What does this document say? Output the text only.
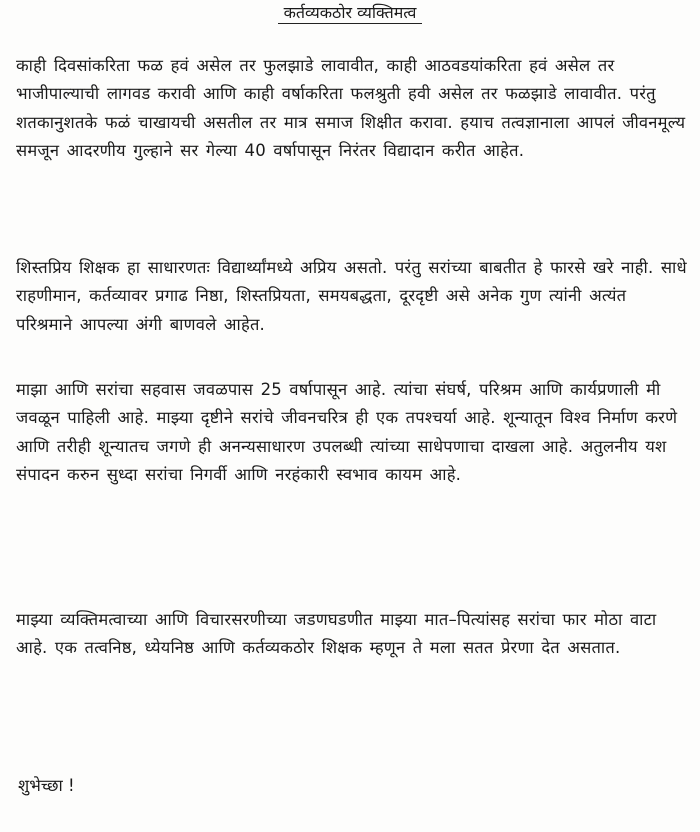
कर्तव्यकठोर व्यक्तिमत्व

काही दिवसांकरिता फळ हवं असेल तर फुलझाडे लावावीत, काही आठवडयांकरिता हवं असेल तर भाजीपाल्याची लागवड करावी आणि काही वर्षाकरिता फलश्रुती हवी असेल तर फळझाडे लावावीत. परंतु शतकानुशतके फळं चाखायची असतील तर मात्र समाज शिक्षीत करावा. हयाच तत्वज्ञानाला आपलं जीवनमूल्य समजून आदरणीय गुल्हाने सर गेल्या 40 वर्षापासून निरंतर विद्यादान करीत आहेत.

शिस्तप्रिय शिक्षक हा साधारणतः विद्यार्थ्यांमध्ये अप्रिय असतो. परंतु सरांच्या बाबतीत हे फारसे खरे नाही. साधे राहणीमान, कर्तव्यावर प्रगाढ निष्ठा, शिस्तप्रियता, समयबद्धता, दूरदृष्टी असे अनेक गुण त्यांनी अत्यंत परिश्रमाने आपल्या अंगी बाणवले आहेत.

माझा आणि सरांचा सहवास जवळपास 25 वर्षापासून आहे. त्यांचा संघर्ष, परिश्रम आणि कार्यप्रणाली मी जवळून पाहिली आहे. माझ्या दृष्टीने सरांचे जीवनचरित्र ही एक तपश्चर्या आहे. शून्यातून विश्व निर्माण करणे आणि तरीही शून्यातच जगणे ही अनन्यसाधारण उपलब्धी त्यांच्या साधेपणाचा दाखला आहे. अतुलनीय यश संपादन करुन सुध्दा सरांचा निगर्वी आणि नरहंकारी स्वभाव कायम आहे.

माझ्या व्यक्तिमत्वाच्या आणि विचारसरणीच्या जडणघडणीत माझ्या मात–पित्यांसह सरांचा फार मोठा वाटा आहे. एक तत्वनिष्ठ, ध्येयनिष्ठ आणि कर्तव्यकठोर शिक्षक म्हणून ते मला सतत प्रेरणा देत असतात.

शुभेच्छा !
